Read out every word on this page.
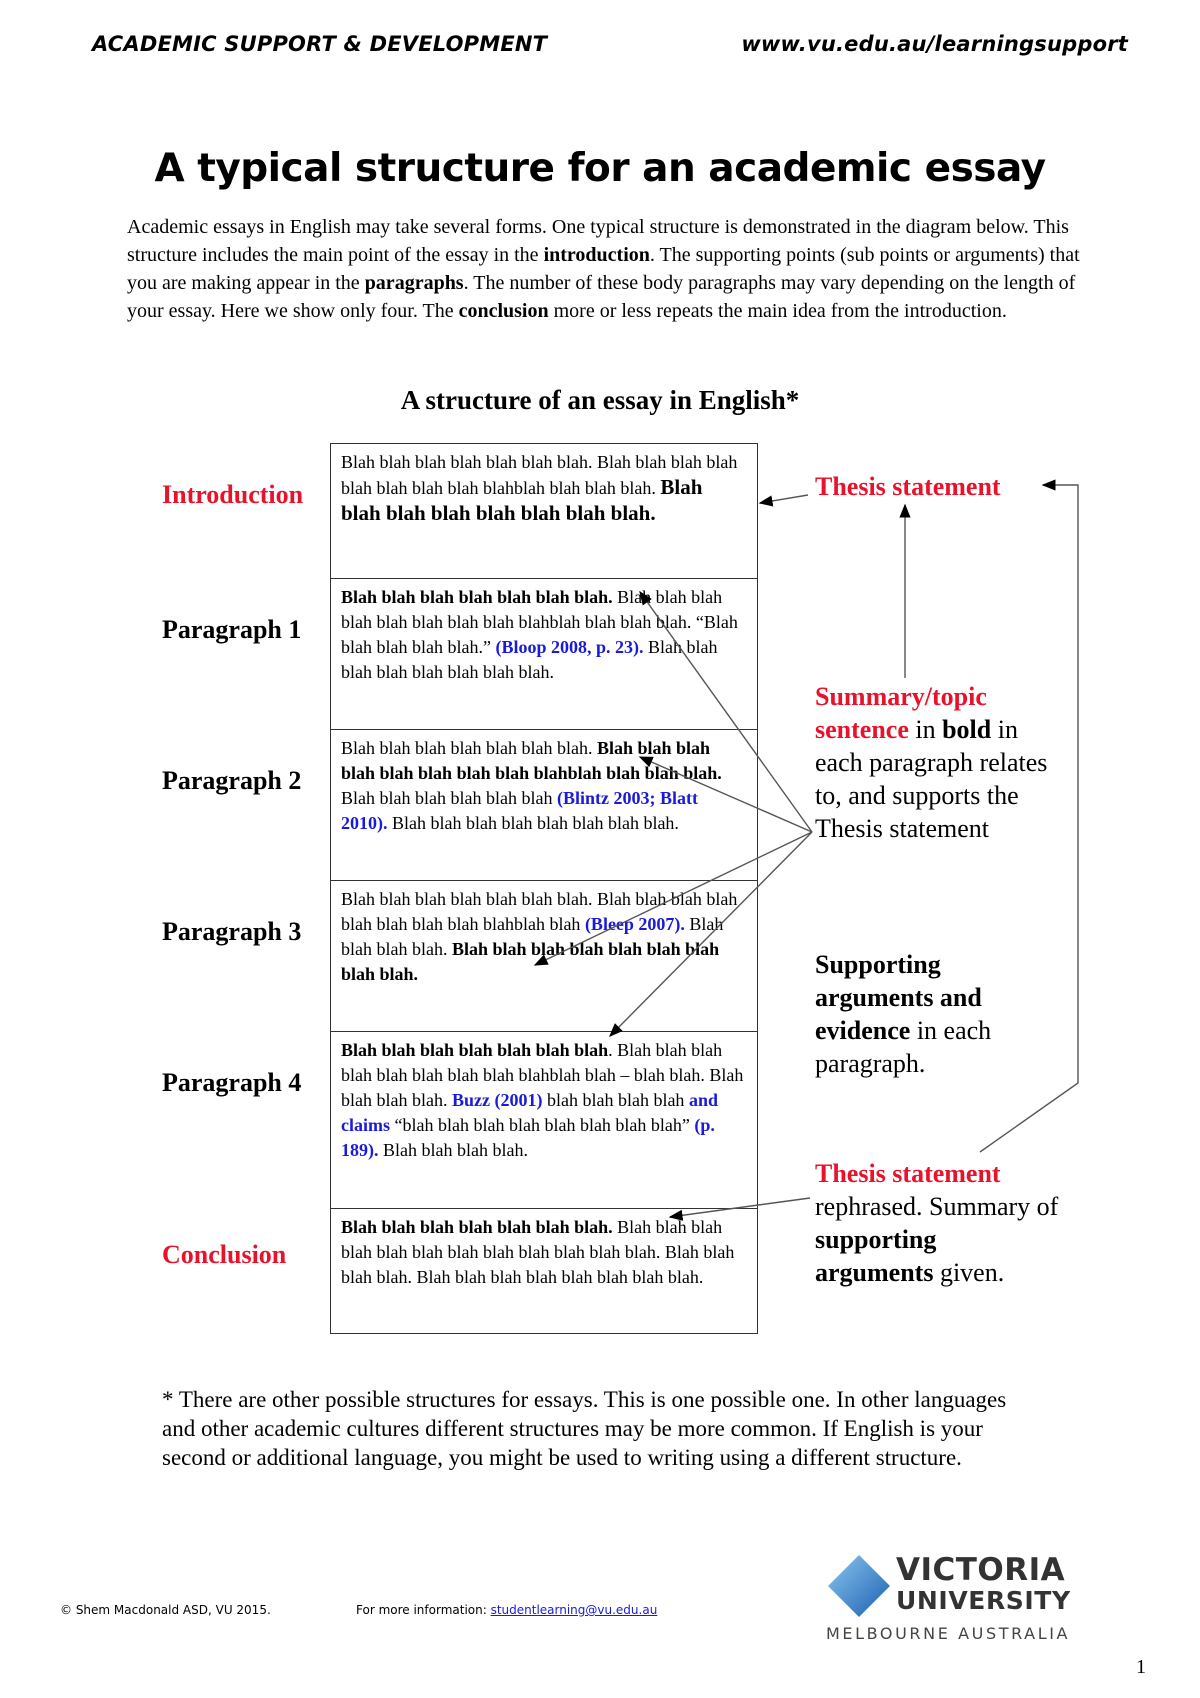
ACADEMIC SUPPORT & DEVELOPMENT	www.vu.edu.au/learningsupport
A typical structure for an academic essay
Academic essays in English may take several forms. One typical structure is demonstrated in the diagram below. This structure includes the main point of the essay in the introduction. The supporting points (sub points or arguments) that you are making appear in the paragraphs. The number of these body paragraphs may vary depending on the length of your essay. Here we show only four. The conclusion more or less repeats the main idea from the introduction.
A structure of an essay in English*
Introduction
Paragraph 1
Paragraph 2
Paragraph 3
Paragraph 4
Conclusion
Blah blah blah blah blah blah blah. Blah blah blah blah blah blah blah blah blahblah blah blah blah. Blah blah blah blah blah blah blah blah.
Blah blah blah blah blah blah blah. Blah blah blah blah blah blah blah blah blahblah blah blah blah. “Blah blah blah blah blah.” (Bloop 2008, p. 23). Blah blah blah blah blah blah blah blah.
Blah blah blah blah blah blah blah. Blah blah blah blah blah blah blah blah blahblah blah blah blah. Blah blah blah blah blah blah (Blintz 2003; Blatt 2010). Blah blah blah blah blah blah blah blah.
Blah blah blah blah blah blah blah. Blah blah blah blah blah blah blah blah blahblah blah (Bleep 2007). Blah blah blah blah. Blah blah blah blah blah blah blah blah blah.
Blah blah blah blah blah blah blah. Blah blah blah blah blah blah blah blah blahblah blah – blah blah. Blah blah blah blah. Buzz (2001) blah blah blah blah and claims “blah blah blah blah blah blah blah blah” (p. 189). Blah blah blah blah.
Blah blah blah blah blah blah blah. Blah blah blah blah blah blah blah blah blah blah blah blah. Blah blah blah blah. Blah blah blah blah blah blah blah blah.
Thesis statement
Summary/topic
sentence in bold in each paragraph relates to, and supports the Thesis statement
Supporting arguments and evidence in each paragraph.
Thesis statement rephrased. Summary of supporting arguments given.
* There are other possible structures for essays. This is one possible one. In other languages and other academic cultures different structures may be more common. If English is your second or additional language, you might be used to writing using a different structure.
© Shem Macdonald ASD, VU 2015.	For more information: studentlearning@vu.edu.au
VICTORIA
UNIVERSITY
MELBOURNE AUSTRALIA
1
